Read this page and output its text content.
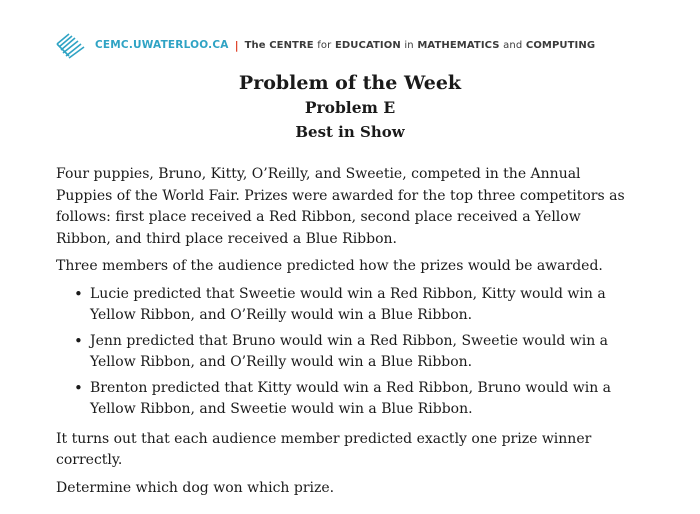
CEMC.UWATERLOO.CA | The CENTRE for EDUCATION in MATHEMATICS and COMPUTING
Problem of the Week
Problem E
Best in Show

Four puppies, Bruno, Kitty, O’Reilly, and Sweetie, competed in the Annual Puppies of the World Fair. Prizes were awarded for the top three competitors as follows: first place received a Red Ribbon, second place received a Yellow Ribbon, and third place received a Blue Ribbon.

Three members of the audience predicted how the prizes would be awarded.

• Lucie predicted that Sweetie would win a Red Ribbon, Kitty would win a Yellow Ribbon, and O’Reilly would win a Blue Ribbon.
• Jenn predicted that Bruno would win a Red Ribbon, Sweetie would win a Yellow Ribbon, and O’Reilly would win a Blue Ribbon.
• Brenton predicted that Kitty would win a Red Ribbon, Bruno would win a Yellow Ribbon, and Sweetie would win a Blue Ribbon.

It turns out that each audience member predicted exactly one prize winner correctly.

Determine which dog won which prize.
